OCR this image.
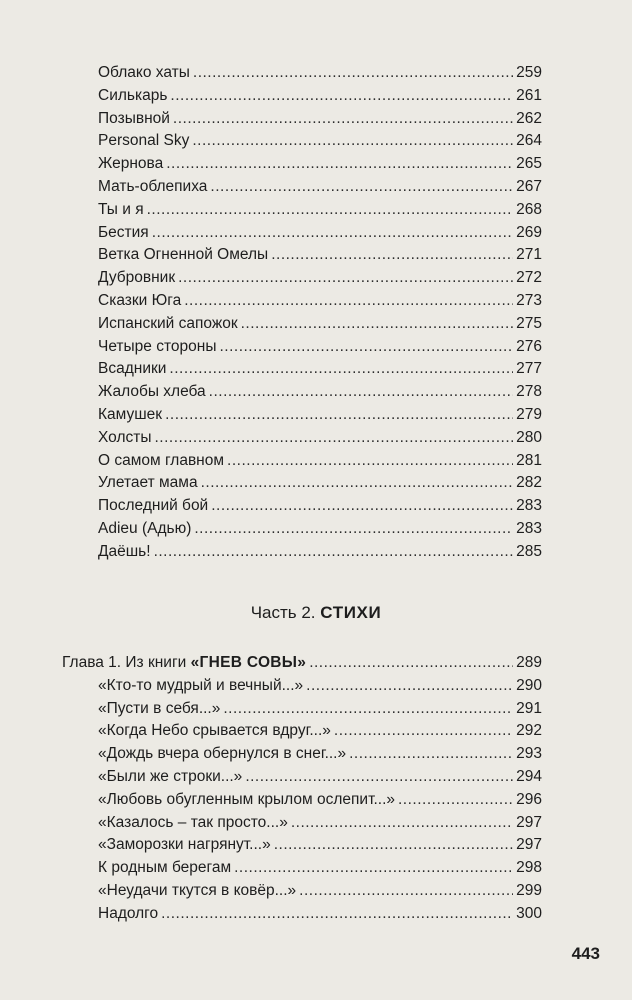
Облако хаты .....	259
Силькарь .....	261
Позывной .....	262
Personal Sky .....	264
Жернова .....	265
Мать-облепиха .....	267
Ты и я .....	268
Бестия .....	269
Ветка Огненной Омелы .....	271
Дубровник .....	272
Сказки Юга .....	273
Испанский сапожок .....	275
Четыре стороны .....	276
Всадники .....	277
Жалобы хлеба .....	278
Камушек .....	279
Холсты .....	280
О самом главном .....	281
Улетает мама .....	282
Последний бой .....	283
Adieu (Адью) .....	283
Даёшь! .....	285
Часть 2. СТИХИ
Глава 1. Из книги «ГНЕВ СОВЫ» .....	289
«Кто-то мудрый и вечный...» .....	290
«Пусти в себя...» .....	291
«Когда Небо срывается вдруг...» .....	292
«Дождь вчера обернулся в снег...» .....	293
«Были же строки...» .....	294
«Любовь обугленным крылом ослепит...» .....	296
«Казалось – так просто...» .....	297
«Заморозки нагрянут...» .....	297
К родным берегам .....	298
«Неудачи ткутся в ковёр...» .....	299
Надолго .....	300
443
